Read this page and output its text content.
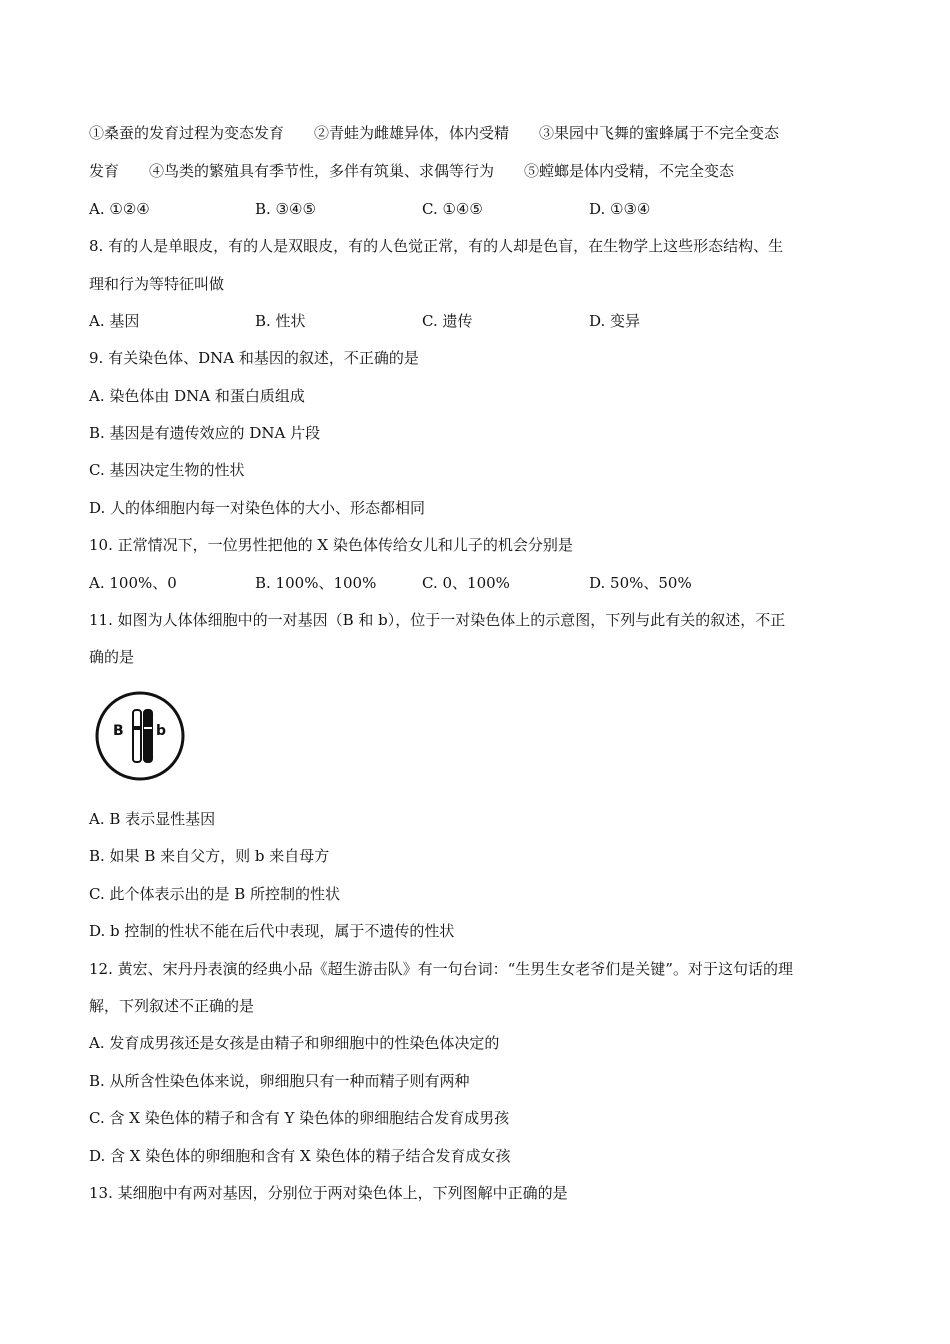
①桑蚕的发育过程为变态发育　　②青蛙为雌雄异体，体内受精　　③果园中飞舞的蜜蜂属于不完全变态
发育　　④鸟类的繁殖具有季节性，多伴有筑巢、求偶等行为　　⑤螳螂是体内受精，不完全变态
A. ①②④	B. ③④⑤	C. ①④⑤	D. ①③④
8. 有的人是单眼皮，有的人是双眼皮，有的人色觉正常，有的人却是色盲，在生物学上这些形态结构、生
理和行为等特征叫做
A. 基因	B. 性状	C. 遗传	D. 变异
9. 有关染色体、DNA 和基因的叙述，不正确的是
A. 染色体由 DNA 和蛋白质组成
B. 基因是有遗传效应的 DNA 片段
C. 基因决定生物的性状
D. 人的体细胞内每一对染色体的大小、形态都相同
10. 正常情况下，一位男性把他的 X 染色体传给女儿和儿子的机会分别是
A. 100%、0	B. 100%、100%	C. 0、100%	D. 50%、50%
11. 如图为人体体细胞中的一对基因（B 和 b），位于一对染色体上的示意图，下列与此有关的叙述，不正
确的是
B b
A. B 表示显性基因
B. 如果 B 来自父方，则 b 来自母方
C. 此个体表示出的是 B 所控制的性状
D. b 控制的性状不能在后代中表现，属于不遗传的性状
12. 黄宏、宋丹丹表演的经典小品《超生游击队》有一句台词：“生男生女老爷们是关键”。对于这句话的理
解，下列叙述不正确的是
A. 发育成男孩还是女孩是由精子和卵细胞中的性染色体决定的
B. 从所含性染色体来说，卵细胞只有一种而精子则有两种
C. 含 X 染色体的精子和含有 Y 染色体的卵细胞结合发育成男孩
D. 含 X 染色体的卵细胞和含有 X 染色体的精子结合发育成女孩
13. 某细胞中有两对基因，分别位于两对染色体上，下列图解中正确的是
